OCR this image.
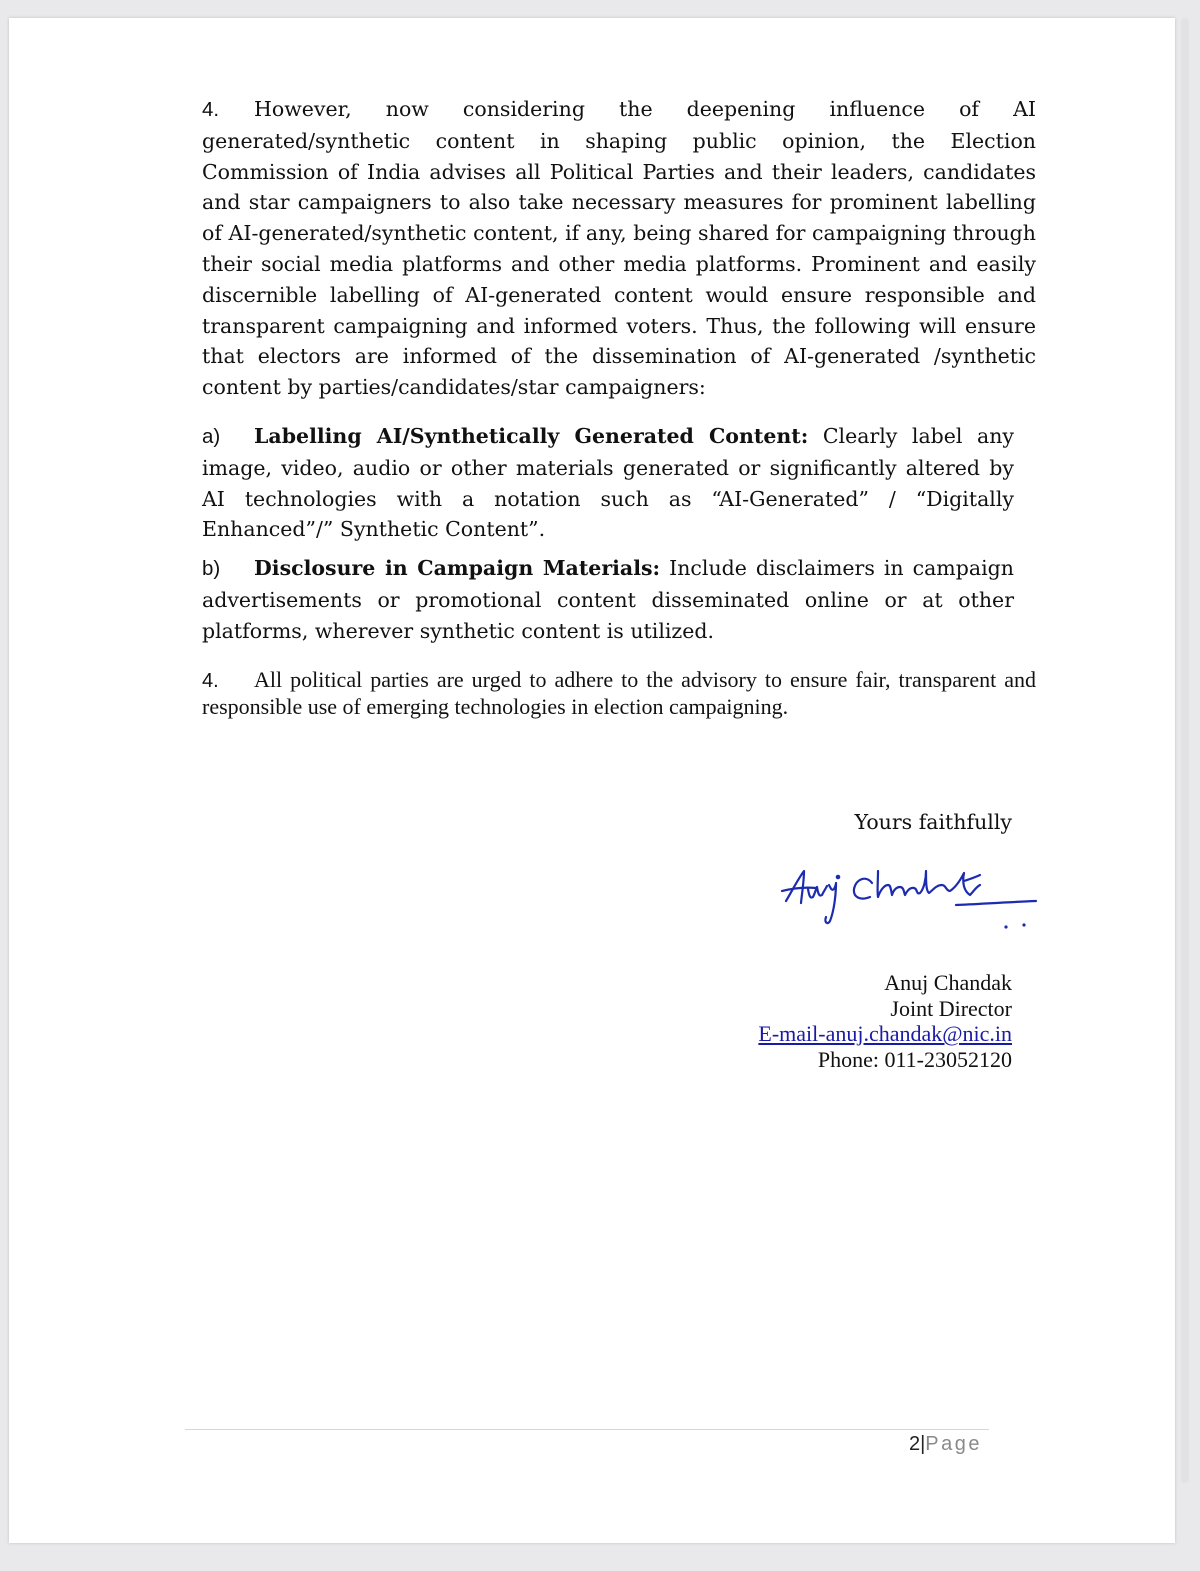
4. However, now considering the deepening influence of AI generated/synthetic content in shaping public opinion, the Election Commission of India advises all Political Parties and their leaders, candidates and star campaigners to also take necessary measures for prominent labelling of AI-generated/synthetic content, if any, being shared for campaigning through their social media platforms and other media platforms. Prominent and easily discernible labelling of AI-generated content would ensure responsible and transparent campaigning and informed voters. Thus, the following will ensure that electors are informed of the dissemination of AI-generated /synthetic content by parties/candidates/star campaigners:

a) Labelling AI/Synthetically Generated Content: Clearly label any image, video, audio or other materials generated or significantly altered by AI technologies with a notation such as “AI-Generated” / “Digitally Enhanced”/” Synthetic Content”.

b) Disclosure in Campaign Materials: Include disclaimers in campaign advertisements or promotional content disseminated online or at other platforms, wherever synthetic content is utilized.

4. All political parties are urged to adhere to the advisory to ensure fair, transparent and responsible use of emerging technologies in election campaigning.

Yours faithfully
Anuj Chandak
Joint Director
E-mail-anuj.chandak@nic.in
Phone: 011-23052120
2|Page
